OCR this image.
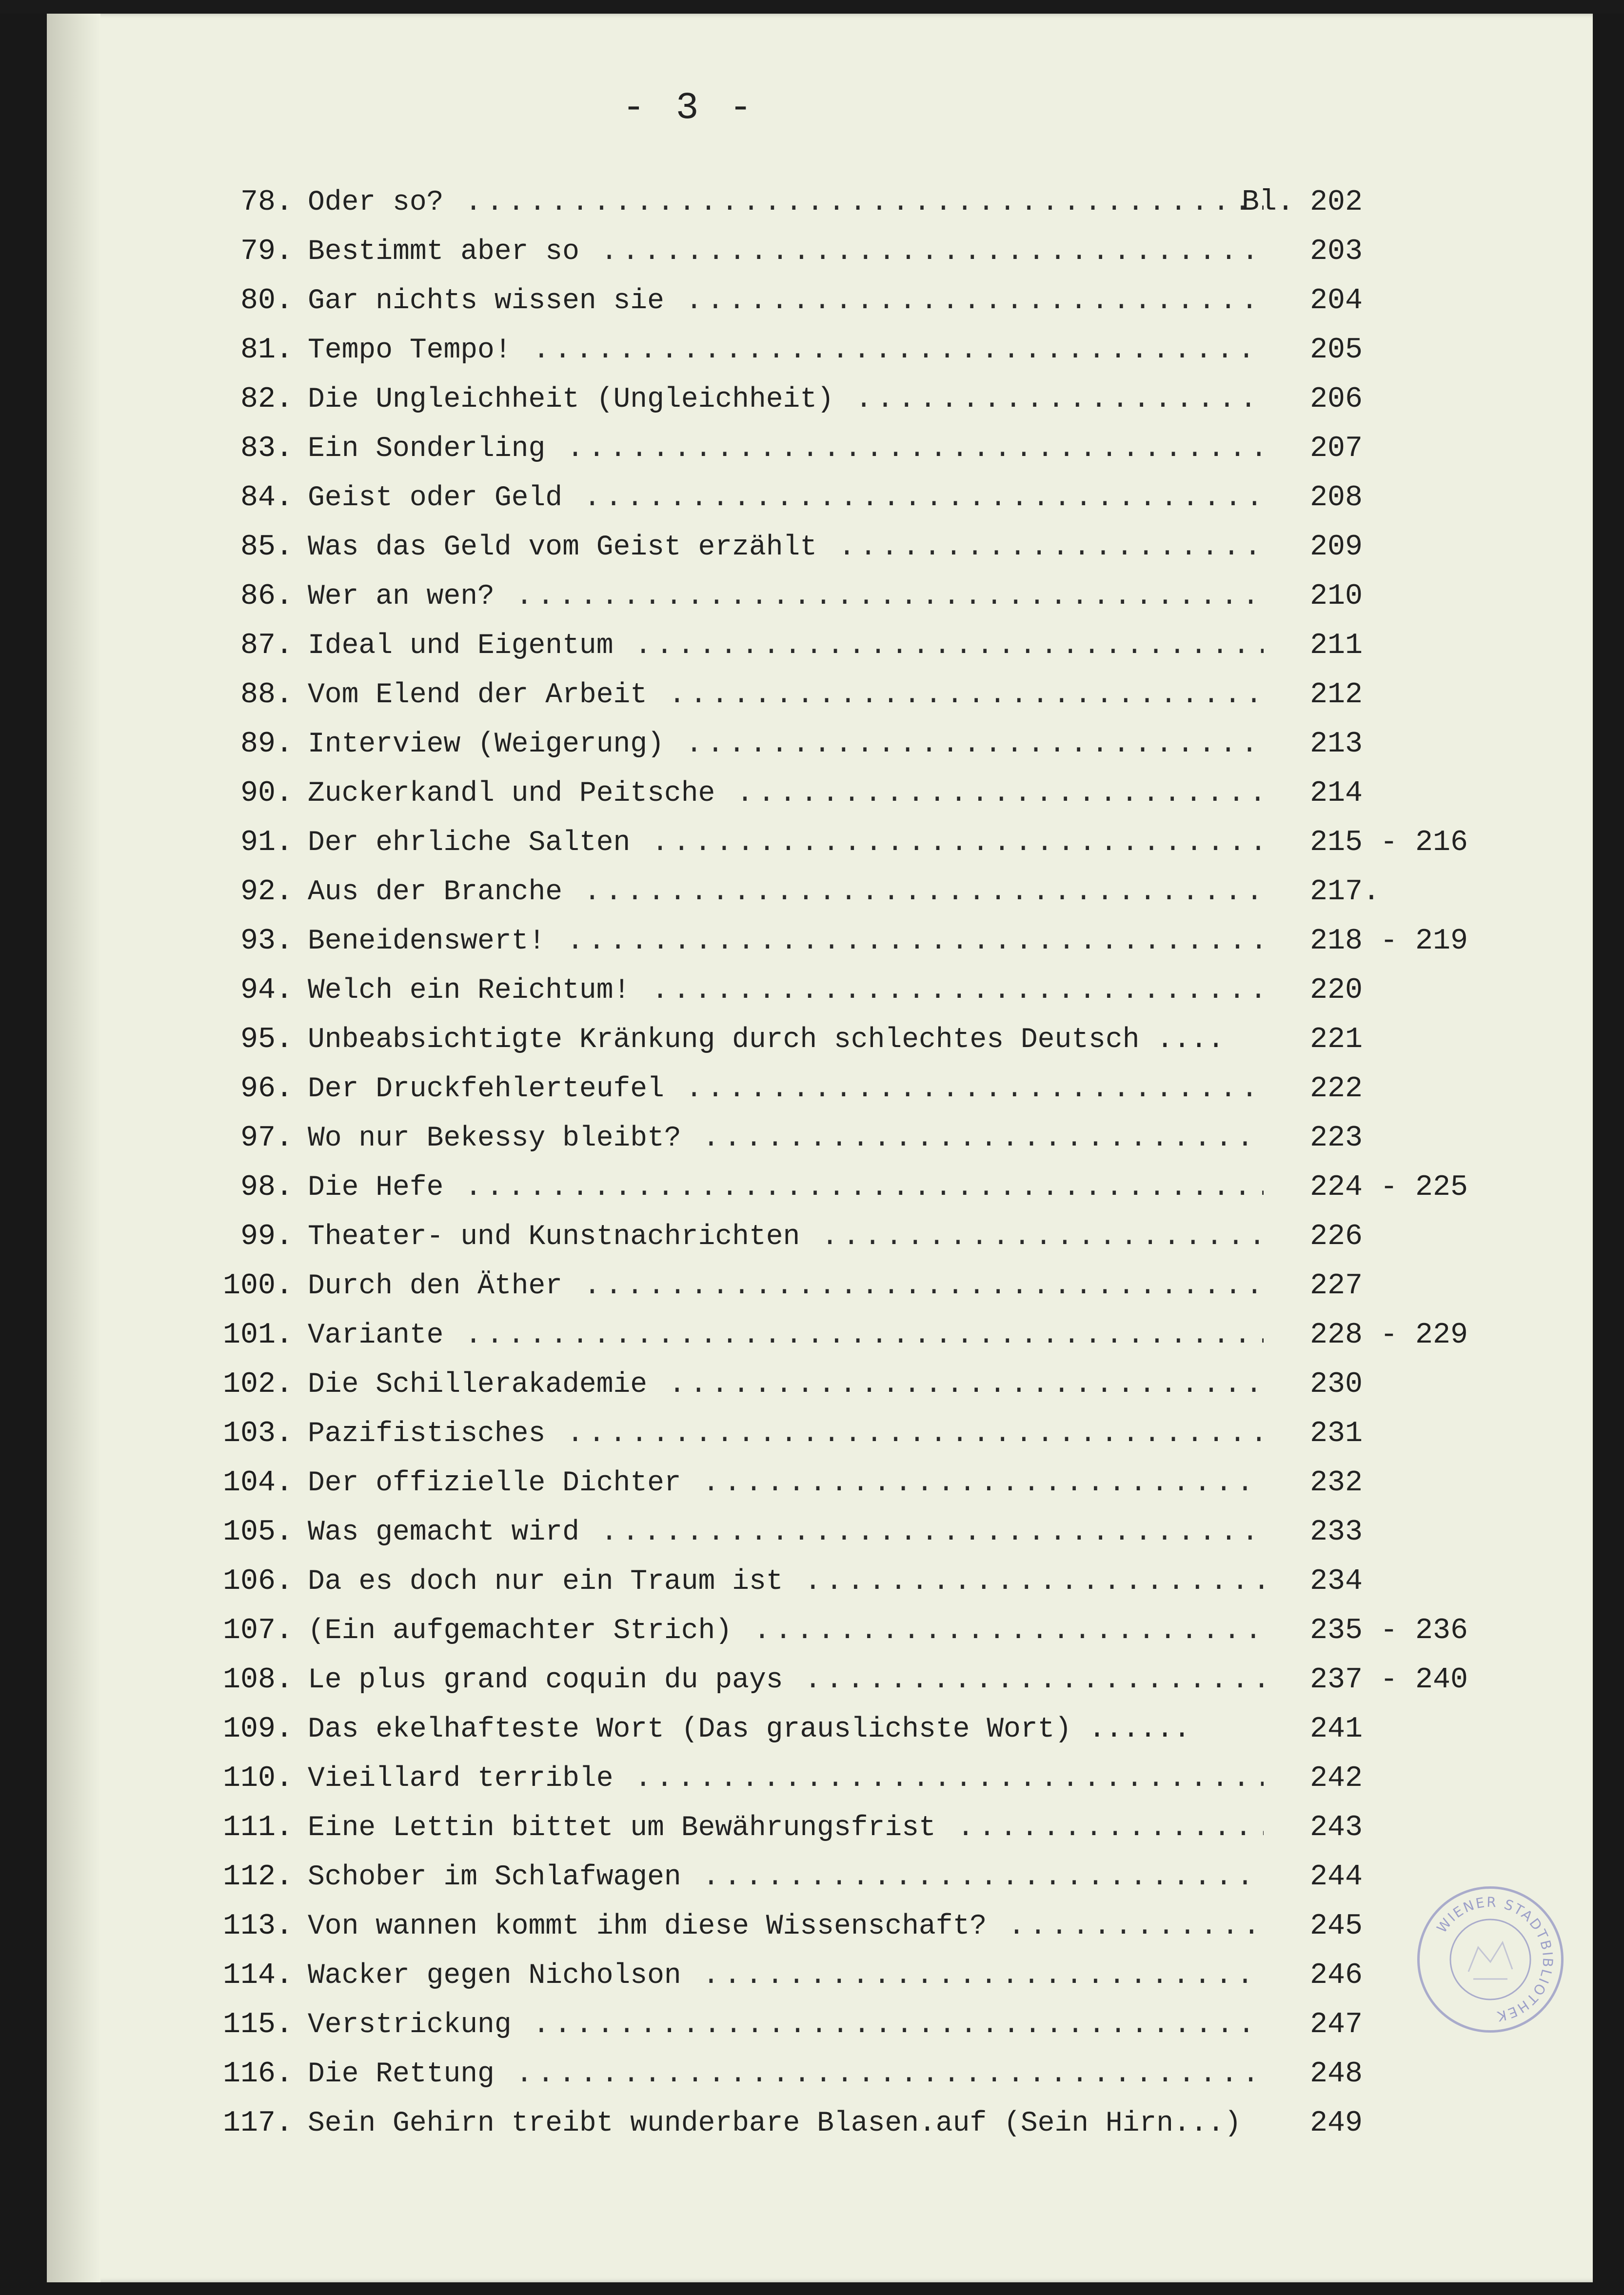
- 3 -
78. Oder so? .....	Bl. 202
79. Bestimmt aber so .....	203
80. Gar nichts wissen sie .....	204
81. Tempo Tempo! .....	205
82. Die Ungleichheit (Ungleichheit) .....	206
83. Ein Sonderling .....	207
84. Geist oder Geld .....	208
85. Was das Geld vom Geist erzählt .....	209
86. Wer an wen? .....	210
87. Ideal und Eigentum .....	211
88. Vom Elend der Arbeit .....	212
89. Interview (Weigerung) .....	213
90. Zuckerkandl und Peitsche .....	214
91. Der ehrliche Salten .....	215 - 216
92. Aus der Branche .....	217.
93. Beneidenswert! .....	218 - 219
94. Welch ein Reichtum! .....	220
95. Unbeabsichtigte Kränkung durch schlechtes Deutsch ....	221
96. Der Druckfehlerteufel .....	222
97. Wo nur Bekessy bleibt? .....	223
98. Die Hefe .....	224 - 225
99. Theater- und Kunstnachrichten .....	226
100. Durch den Äther .....	227
101. Variante .....	228 - 229
102. Die Schillerakademie .....	230
103. Pazifistisches .....	231
104. Der offizielle Dichter .....	232
105. Was gemacht wird .....	233
106. Da es doch nur ein Traum ist .....	234
107. (Ein aufgemachter Strich) .....	235 - 236
108. Le plus grand coquin du pays .....	237 - 240
109. Das ekelhafteste Wort (Das grauslichste Wort) ......	241
110. Vieillard terrible .....	242
111. Eine Lettin bittet um Bewährungsfrist .....	243
112. Schober im Schlafwagen .....	244
113. Von wannen kommt ihm diese Wissenschaft? .....	245
114. Wacker gegen Nicholson .....	246
115. Verstrickung .....	247
116. Die Rettung .....	248
117. Sein Gehirn treibt wunderbare Blasen.auf (Sein Hirn...)	249
WIENER STADTBIBLIOTHEK
